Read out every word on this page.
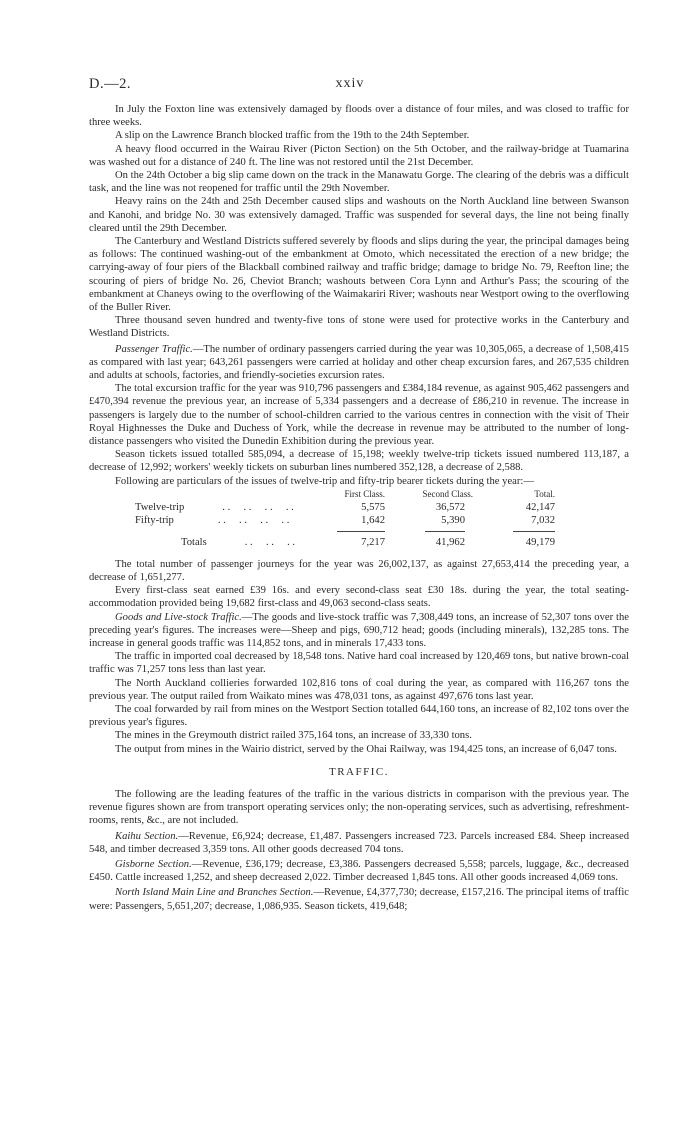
D.—2.	xxiv

In July the Foxton line was extensively damaged by floods over a distance of four miles, and was closed to traffic for three weeks.

A slip on the Lawrence Branch blocked traffic from the 19th to the 24th September.

A heavy flood occurred in the Wairau River (Picton Section) on the 5th October, and the railway-bridge at Tuamarina was washed out for a distance of 240 ft. The line was not restored until the 21st December.

On the 24th October a big slip came down on the track in the Manawatu Gorge. The clearing of the debris was a difficult task, and the line was not reopened for traffic until the 29th November.

Heavy rains on the 24th and 25th December caused slips and washouts on the North Auckland line between Swanson and Kanohi, and bridge No. 30 was extensively damaged. Traffic was suspended for several days, the line not being finally cleared until the 29th December.

The Canterbury and Westland Districts suffered severely by floods and slips during the year, the principal damages being as follows: The continued washing-out of the embankment at Omoto, which necessitated the erection of a new bridge; the carrying-away of four piers of the Blackball combined railway and traffic bridge; damage to bridge No. 79, Reefton line; the scouring of piers of bridge No. 26, Cheviot Branch; washouts between Cora Lynn and Arthur's Pass; the scouring of the embankment at Chaneys owing to the overflowing of the Waimakariri River; washouts near Westport owing to the overflowing of the Buller River.

Three thousand seven hundred and twenty-five tons of stone were used for protective works in the Canterbury and Westland Districts.

Passenger Traffic.—The number of ordinary passengers carried during the year was 10,305,065, a decrease of 1,508,415 as compared with last year; 643,261 passengers were carried at holiday and other cheap excursion fares, and 267,535 children and adults at schools, factories, and friendly-societies excursion rates.

The total excursion traffic for the year was 910,796 passengers and £384,184 revenue, as against 905,462 passengers and £470,394 revenue the previous year, an increase of 5,334 passengers and a decrease of £86,210 in revenue. The increase in passengers is largely due to the number of school-children carried to the various centres in connection with the visit of Their Royal Highnesses the Duke and Duchess of York, while the decrease in revenue may be attributed to the number of long-distance passengers who visited the Dunedin Exhibition during the previous year.

Season tickets issued totalled 585,094, a decrease of 15,198; weekly twelve-trip tickets issued numbered 113,187, a decrease of 12,992; workers' weekly tickets on suburban lines numbered 352,128, a decrease of 2,588.

Following are particulars of the issues of twelve-trip and fifty-trip bearer tickets during the year:—

	First Class.	Second Class.	Total.
Twelve-trip . .     . .     . .     . .	5,575	36,572	42,147
Fifty-trip . .     . .     . .     . .	1,642	5,390	7,032

Totals . .     . .     . .	7,217	41,962	49,179

The total number of passenger journeys for the year was 26,002,137, as against 27,653,414 the preceding year, a decrease of 1,651,277.

Every first-class seat earned £39 16s. and every second-class seat £30 18s. during the year, the total seating-accommodation provided being 19,682 first-class and 49,063 second-class seats.

Goods and Live-stock Traffic.—The goods and live-stock traffic was 7,308,449 tons, an increase of 52,307 tons over the preceding year's figures. The increases were—Sheep and pigs, 690,712 head; goods (including minerals), 132,285 tons. The increase in general goods traffic was 114,852 tons, and in minerals 17,433 tons.

The traffic in imported coal decreased by 18,548 tons. Native hard coal increased by 120,469 tons, but native brown-coal traffic was 71,257 tons less than last year.

The North Auckland collieries forwarded 102,816 tons of coal during the year, as compared with 116,267 tons the previous year. The output railed from Waikato mines was 478,031 tons, as against 497,676 tons last year.

The coal forwarded by rail from mines on the Westport Section totalled 644,160 tons, an increase of 82,102 tons over the previous year's figures.

The mines in the Greymouth district railed 375,164 tons, an increase of 33,330 tons.

The output from mines in the Wairio district, served by the Ohai Railway, was 194,425 tons, an increase of 6,047 tons.

TRAFFIC.

The following are the leading features of the traffic in the various districts in comparison with the previous year. The revenue figures shown are from transport operating services only; the non-operating services, such as advertising, refreshment-rooms, rents, &c., are not included.

Kaihu Section.—Revenue, £6,924; decrease, £1,487. Passengers increased 723. Parcels increased £84. Sheep increased 548, and timber decreased 3,359 tons. All other goods decreased 704 tons.

Gisborne Section.—Revenue, £36,179; decrease, £3,386. Passengers decreased 5,558; parcels, luggage, &c., decreased £450. Cattle increased 1,252, and sheep decreased 2,022. Timber decreased 1,845 tons. All other goods increased 4,069 tons.

North Island Main Line and Branches Section.—Revenue, £4,377,730; decrease, £157,216. The principal items of traffic were: Passengers, 5,651,207; decrease, 1,086,935. Season tickets, 419,648;
